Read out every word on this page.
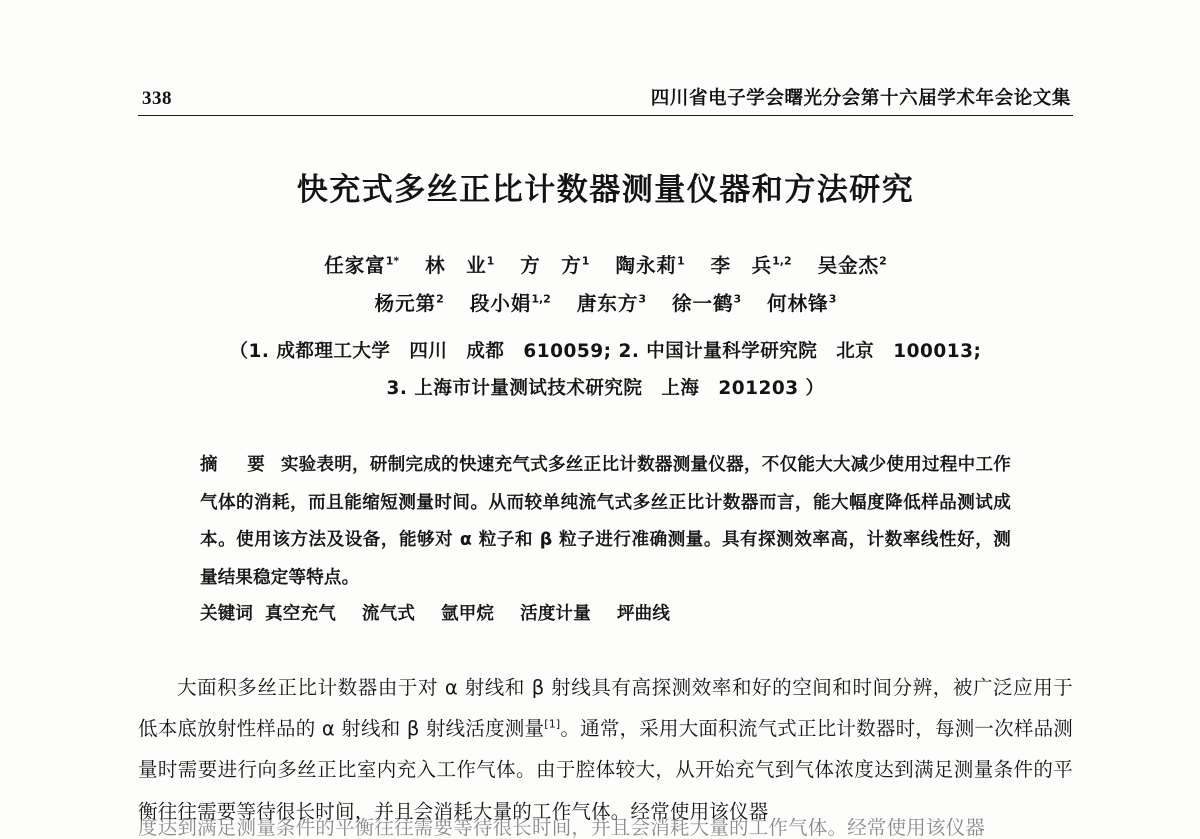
338	四川省电子学会曙光分会第十六届学术年会论文集
快充式多丝正比计数器测量仪器和方法研究
任家富$^{1*}$ 林　业$^1$ 方　方$^1$ 陶永莉$^1$ 李　兵$^{1,2}$ 吴金杰$^2$
杨元第$^2$ 段小娟$^{1,2}$ 唐东方$^3$ 徐一鹤$^3$ 何林锋$^3$
（1. 成都理工大学　四川　成都　610059; 2. 中国计量科学研究院　北京　100013;
3. 上海市计量测试技术研究院　上海　201203 ）
摘　要 实验表明，研制完成的快速充气式多丝正比计数器测量仪器，不仅能大大减少使用过程中工作气体的消耗，而且能缩短测量时间。从而较单纯流气式多丝正比计数器而言，能大幅度降低样品测试成本。使用该方法及设备，能够对 α 粒子和 β 粒子进行准确测量。具有探测效率高，计数率线性好，测量结果稳定等特点。
关键词 真空充气 流气式 氩甲烷 活度计量 坪曲线

大面积多丝正比计数器由于对 α 射线和 β 射线具有高探测效率和好的空间和时间分辨，被广泛应用于低本底放射性样品的 α 射线和 β 射线活度测量[1]。通常，采用大面积流气式正比计数器时，每测一次样品测量时需要进行向多丝正比室内充入工作气体。由于腔体较大，从开始充气到气体浓度达到满足测量条件的平衡往往需要等待很长时间，并且会消耗大量的工作气体。经常使用该仪器

度达到满足测量条件的平衡往往需要等待很长时间，并且会消耗大量的工作气体。经常使用该仪器
